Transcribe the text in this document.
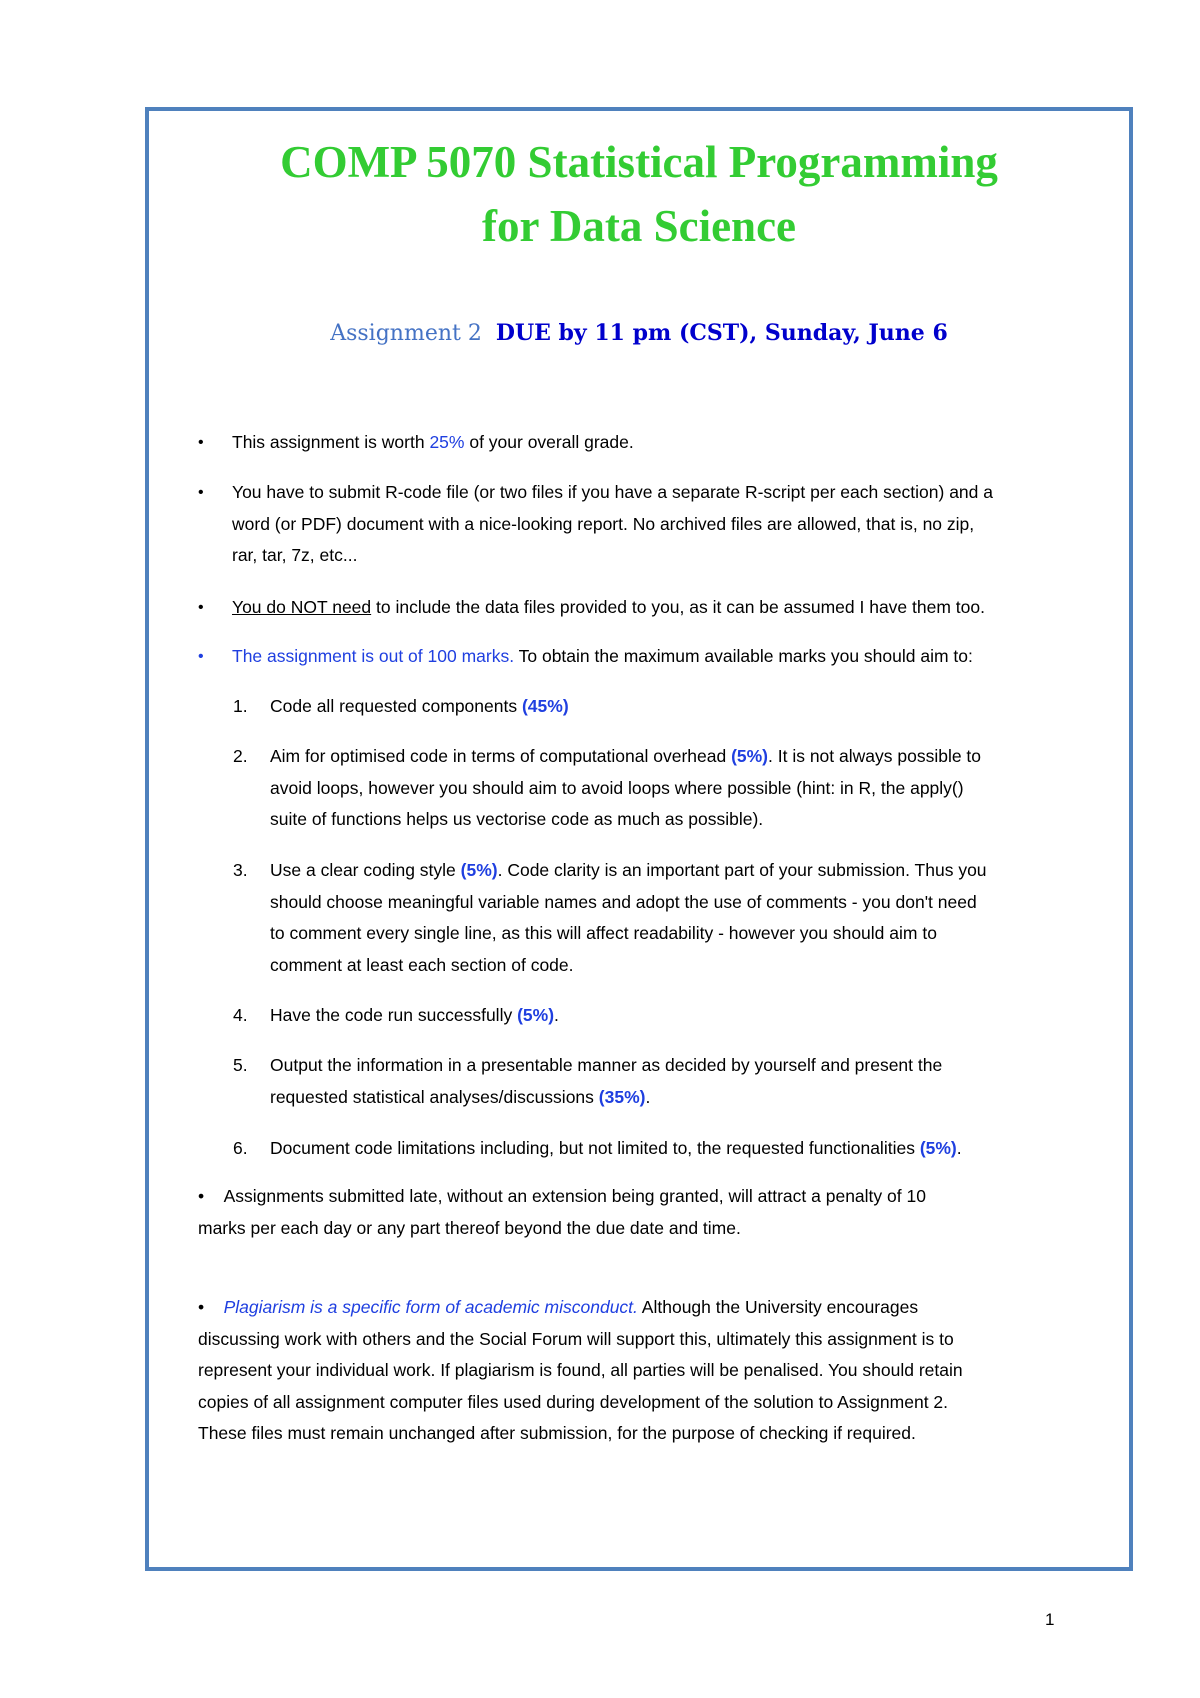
COMP 5070 Statistical Programming
for Data Science
Assignment 2 DUE by 11 pm (CST), Sunday, June 6
•	This assignment is worth 25% of your overall grade.
•	You have to submit R-code file (or two files if you have a separate R-script per each section) and a
word (or PDF) document with a nice-looking report. No archived files are allowed, that is, no zip,
rar, tar, 7z, etc...
•	You do NOT need to include the data files provided to you, as it can be assumed I have them too.
•	The assignment is out of 100 marks. To obtain the maximum available marks you should aim to:
1.	Code all requested components (45%)
2.	Aim for optimised code in terms of computational overhead (5%). It is not always possible to
avoid loops, however you should aim to avoid loops where possible (hint: in R, the apply()
suite of functions helps us vectorise code as much as possible).
3.	Use a clear coding style (5%). Code clarity is an important part of your submission. Thus you
should choose meaningful variable names and adopt the use of comments - you don't need
to comment every single line, as this will affect readability - however you should aim to
comment at least each section of code.
4.	Have the code run successfully (5%).
5.	Output the information in a presentable manner as decided by yourself and present the
requested statistical analyses/discussions (35%).
6.	Document code limitations including, but not limited to, the requested functionalities (5%).
• Assignments submitted late, without an extension being granted, will attract a penalty of 10
marks per each day or any part thereof beyond the due date and time.
• Plagiarism is a specific form of academic misconduct. Although the University encourages
discussing work with others and the Social Forum will support this, ultimately this assignment is to
represent your individual work. If plagiarism is found, all parties will be penalised. You should retain
copies of all assignment computer files used during development of the solution to Assignment 2.
These files must remain unchanged after submission, for the purpose of checking if required.
1
